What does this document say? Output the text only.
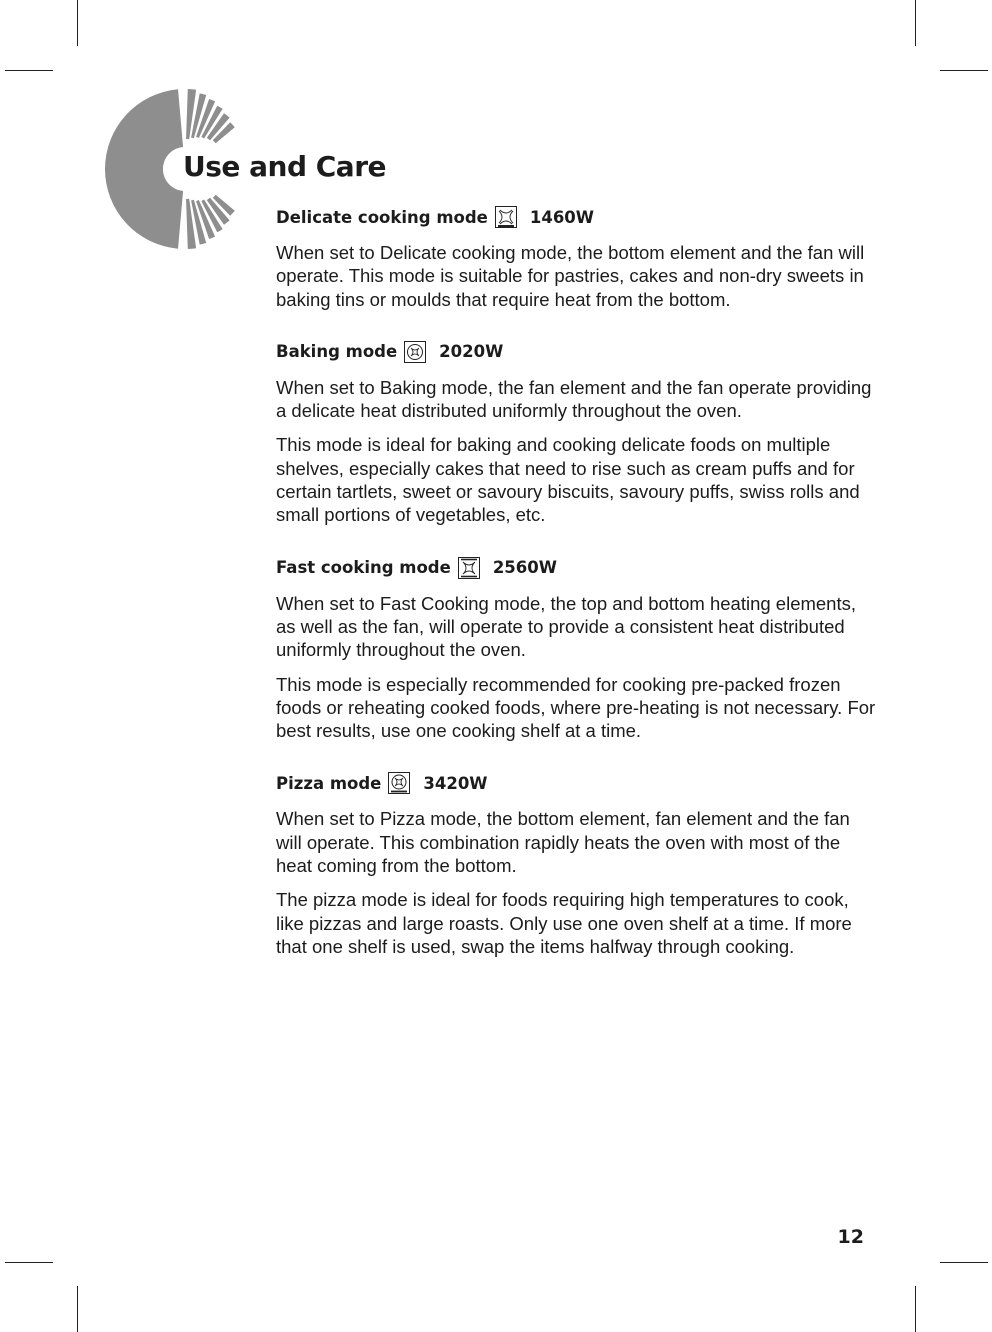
Use and Care
Delicate cooking mode	1460W

When set to Delicate cooking mode, the bottom element and the fan will operate. This mode is suitable for pastries, cakes and non-dry sweets in baking tins or moulds that require heat from the bottom.

Baking mode	2020W

When set to Baking mode, the fan element and the fan operate providing a delicate heat distributed uniformly throughout the oven.

This mode is ideal for baking and cooking delicate foods on multiple shelves, especially cakes that need to rise such as cream puffs and for certain tartlets, sweet or savoury biscuits, savoury puffs, swiss rolls and small portions of vegetables, etc.

Fast cooking mode	2560W

When set to Fast Cooking mode, the top and bottom heating elements, as well as the fan, will operate to provide a consistent heat distributed uniformly throughout the oven.

This mode is especially recommended for cooking pre-packed frozen foods or reheating cooked foods, where pre-heating is not necessary. For best results, use one cooking shelf at a time.

Pizza mode	3420W

When set to Pizza mode, the bottom element, fan element and the fan will operate. This combination rapidly heats the oven with most of the heat coming from the bottom.

The pizza mode is ideal for foods requiring high temperatures to cook, like pizzas and large roasts. Only use one oven shelf at a time. If more that one shelf is used, swap the items halfway through cooking.

12
